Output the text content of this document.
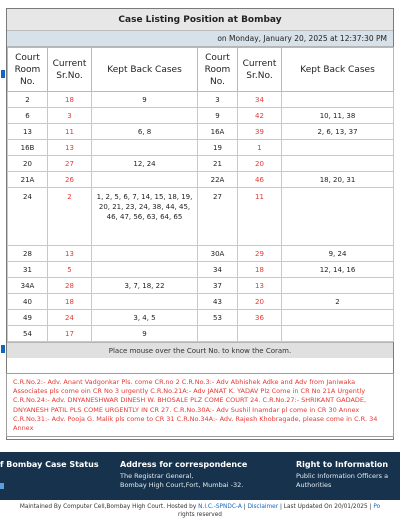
Case Listing Position at Bombay
on Monday, January 20, 2025 at 12:37:30 PM
Court Room No.	Current Sr.No.	Kept Back Cases	Court Room No.	Current Sr.No.	Kept Back Cases
2	18	9	3	34	
6	3		9	42	10, 11, 38
13	11	6, 8	16A	39	2, 6, 13, 37
16B	13		19	1	
20	27	12, 24	21	20	
21A	26		22A	46	18, 20, 31
24	2	1, 2, 5, 6, 7, 14, 15, 18, 19, 20, 21, 23, 24, 38, 44, 45, 46, 47, 56, 63, 64, 65	27	11	
28	13		30A	29	9, 24
31	5		34	18	12, 14, 16
34A	28	3, 7, 18, 22	37	13	
40	18		43	20	2
49	24	3, 4, 5	53	36	
54	17	9			
Place mouse over the Court No. to know the Coram.
C.R.No.2:- Adv. Anant Vadgonkar Pls. come CR.no 2 C.R.No.3:- Adv Abhishek Adke and Adv from Janiwaka Associates pls come oin CR No 3 urgently C.R.No.21A:- Adv JANAT K. YADAV Plz Come in CR No 21A Urgently C.R.No.24:- Adv. DNYANESHWAR DINESH W. BHOSALE PLZ COME COURT 24. C.R.No.27:- SHRIKANT GADADE, DNYANESH PATIL PLS COME URGENTLY IN CR 27. C.R.No.30A:- Adv Sushil Inamdar pl come in CR 30 Annex C.R.No.31:- Adv. Pooja G. Malik pls come to CR 31 C.R.No.34A:- Adv. Rajesh Khobragade, please come in C.R. 34 Annex
f Bombay Case Status	Address for correspondence
The Registrar General,
Bombay High Court,Fort, Mumbai -32.
Right to Information
Public Information Officers a
Authorities
Maintained By Computer Cell,Bombay High Court. Hosted by N.I.C.-SPNDC-A | Disclaimer | Last Updated On 20/01/2025 | Po
rights reserved
